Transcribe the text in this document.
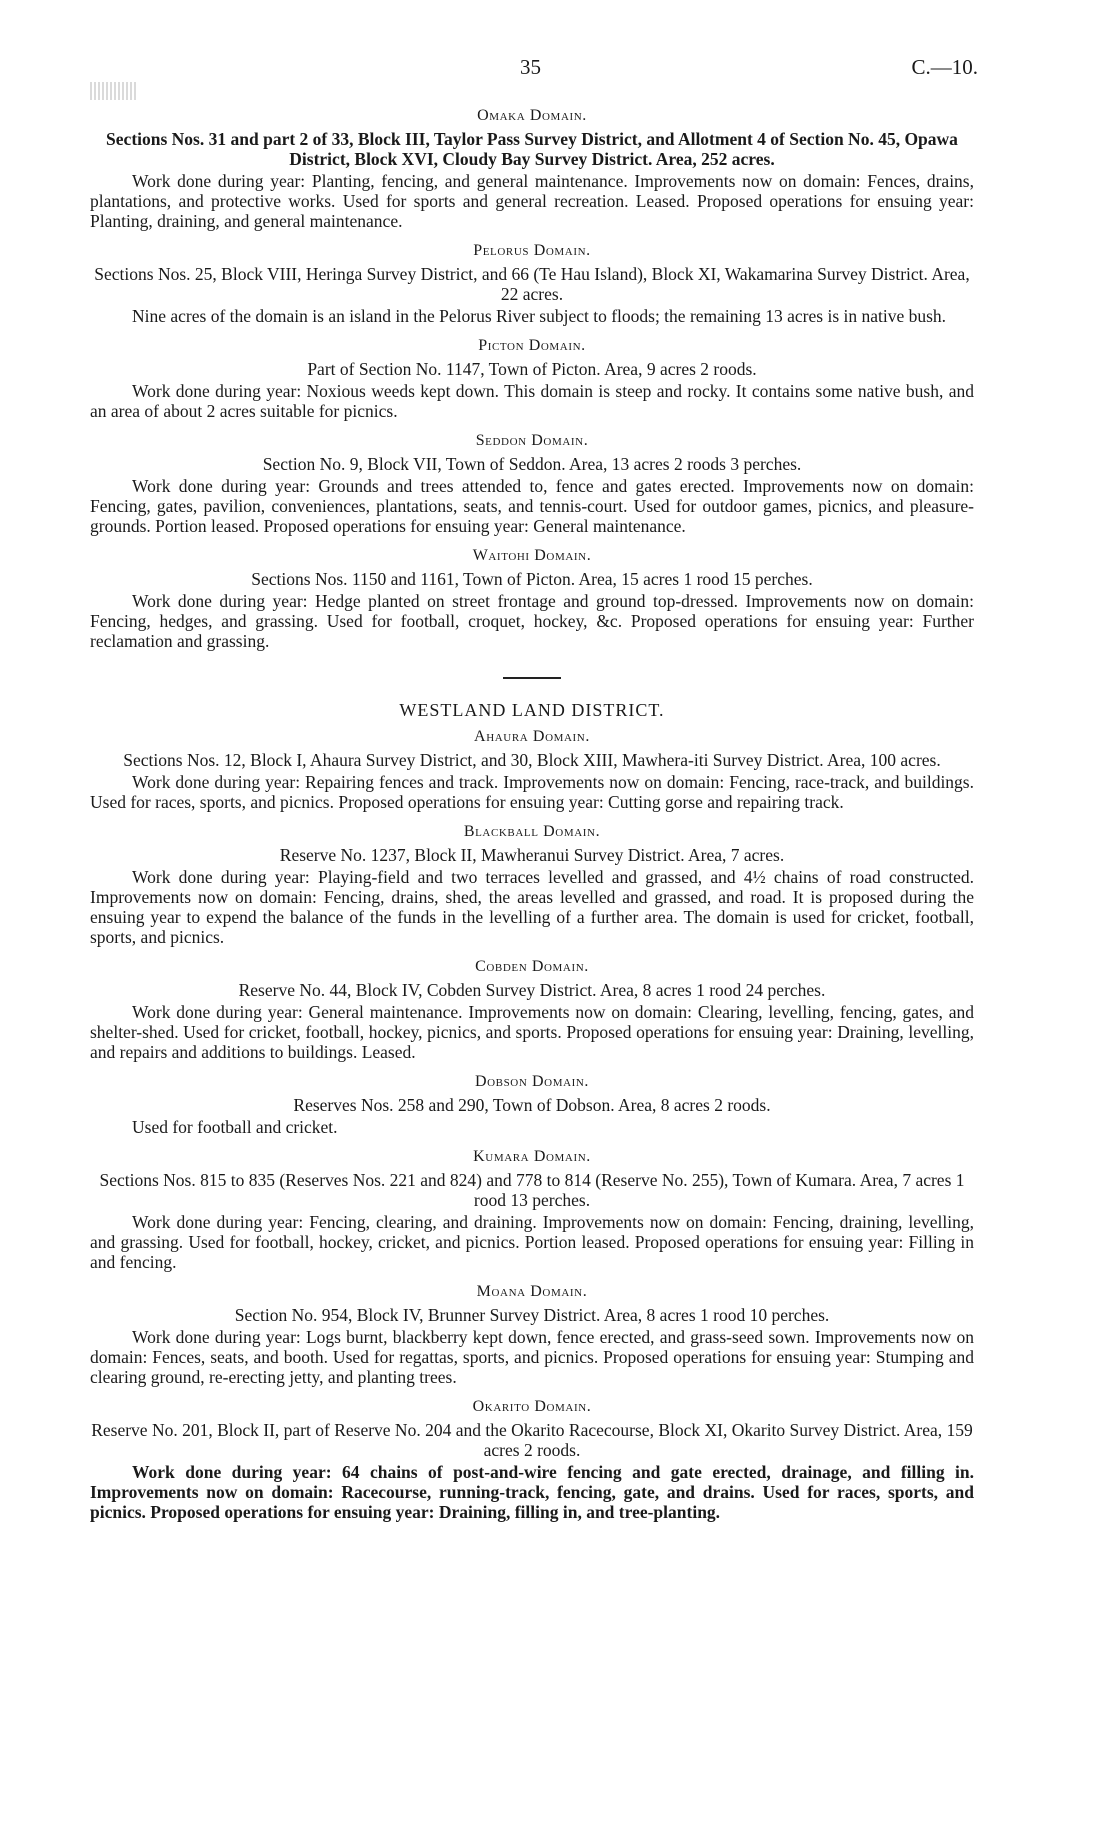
35	C.—10.

Omaka Domain.

Sections Nos. 31 and part 2 of 33, Block III, Taylor Pass Survey District, and Allotment 4 of Section No. 45, Opawa District, Block XVI, Cloudy Bay Survey District. Area, 252 acres.

Work done during year: Planting, fencing, and general maintenance. Improvements now on domain: Fences, drains, plantations, and protective works. Used for sports and general recreation. Leased. Proposed operations for ensuing year: Planting, draining, and general maintenance.

Pelorus Domain.

Sections Nos. 25, Block VIII, Heringa Survey District, and 66 (Te Hau Island), Block XI, Wakamarina Survey District. Area, 22 acres.

Nine acres of the domain is an island in the Pelorus River subject to floods; the remaining 13 acres is in native bush.

Picton Domain.

Part of Section No. 1147, Town of Picton. Area, 9 acres 2 roods.

Work done during year: Noxious weeds kept down. This domain is steep and rocky. It contains some native bush, and an area of about 2 acres suitable for picnics.

Seddon Domain.

Section No. 9, Block VII, Town of Seddon. Area, 13 acres 2 roods 3 perches.

Work done during year: Grounds and trees attended to, fence and gates erected. Improvements now on domain: Fencing, gates, pavilion, conveniences, plantations, seats, and tennis-court. Used for outdoor games, picnics, and pleasure-grounds. Portion leased. Proposed operations for ensuing year: General maintenance.

Waitohi Domain.

Sections Nos. 1150 and 1161, Town of Picton. Area, 15 acres 1 rood 15 perches.

Work done during year: Hedge planted on street frontage and ground top-dressed. Improvements now on domain: Fencing, hedges, and grassing. Used for football, croquet, hockey, &c. Proposed operations for ensuing year: Further reclamation and grassing.

WESTLAND LAND DISTRICT.

Ahaura Domain.

Sections Nos. 12, Block I, Ahaura Survey District, and 30, Block XIII, Mawhera-iti Survey District. Area, 100 acres.

Work done during year: Repairing fences and track. Improvements now on domain: Fencing, race-track, and buildings. Used for races, sports, and picnics. Proposed operations for ensuing year: Cutting gorse and repairing track.

Blackball Domain.

Reserve No. 1237, Block II, Mawheranui Survey District. Area, 7 acres.

Work done during year: Playing-field and two terraces levelled and grassed, and 4½ chains of road constructed. Improvements now on domain: Fencing, drains, shed, the areas levelled and grassed, and road. It is proposed during the ensuing year to expend the balance of the funds in the levelling of a further area. The domain is used for cricket, football, sports, and picnics.

Cobden Domain.

Reserve No. 44, Block IV, Cobden Survey District. Area, 8 acres 1 rood 24 perches.

Work done during year: General maintenance. Improvements now on domain: Clearing, levelling, fencing, gates, and shelter-shed. Used for cricket, football, hockey, picnics, and sports. Proposed operations for ensuing year: Draining, levelling, and repairs and additions to buildings. Leased.

Dobson Domain.

Reserves Nos. 258 and 290, Town of Dobson. Area, 8 acres 2 roods.

Used for football and cricket.

Kumara Domain.

Sections Nos. 815 to 835 (Reserves Nos. 221 and 824) and 778 to 814 (Reserve No. 255), Town of Kumara. Area, 7 acres 1 rood 13 perches.

Work done during year: Fencing, clearing, and draining. Improvements now on domain: Fencing, draining, levelling, and grassing. Used for football, hockey, cricket, and picnics. Portion leased. Proposed operations for ensuing year: Filling in and fencing.

Moana Domain.

Section No. 954, Block IV, Brunner Survey District. Area, 8 acres 1 rood 10 perches.

Work done during year: Logs burnt, blackberry kept down, fence erected, and grass-seed sown. Improvements now on domain: Fences, seats, and booth. Used for regattas, sports, and picnics. Proposed operations for ensuing year: Stumping and clearing ground, re-erecting jetty, and planting trees.

Okarito Domain.

Reserve No. 201, Block II, part of Reserve No. 204 and the Okarito Racecourse, Block XI, Okarito Survey District. Area, 159 acres 2 roods.

Work done during year: 64 chains of post-and-wire fencing and gate erected, drainage, and filling in. Improvements now on domain: Racecourse, running-track, fencing, gate, and drains. Used for races, sports, and picnics. Proposed operations for ensuing year: Draining, filling in, and tree-planting.
